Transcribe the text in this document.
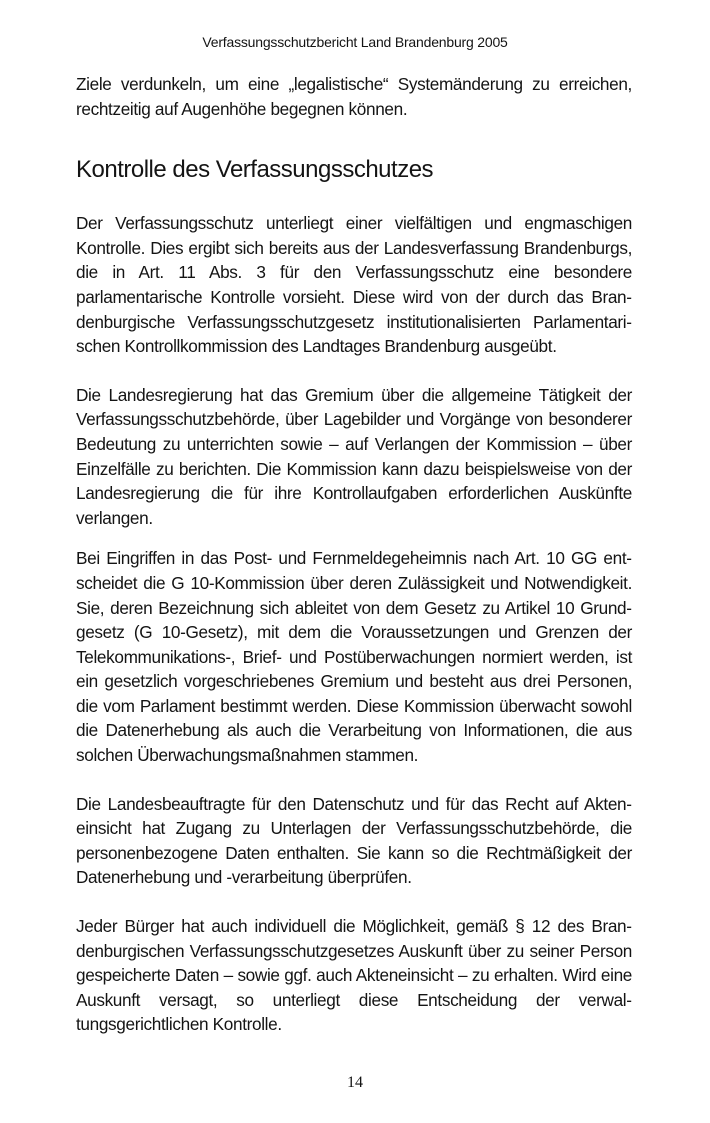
Verfassungsschutzbericht Land Brandenburg 2005

Ziele verdunkeln, um eine „legalistische“ Systemänderung zu erreichen, rechtzeitig auf Augenhöhe begegnen können.

Kontrolle des Verfassungsschutzes

Der Verfassungsschutz unterliegt einer vielfältigen und engmaschigen Kontrolle. Dies ergibt sich bereits aus der Landesverfassung Brandenburgs, die in Art. 11 Abs. 3 für den Verfassungsschutz eine besondere parlamentarische Kontrolle vorsieht. Diese wird von der durch das Brandenburgische Verfassungsschutzgesetz institutionalisierten Parlamentarischen Kontrollkommission des Landtages Brandenburg ausgeübt.

Die Landesregierung hat das Gremium über die allgemeine Tätigkeit der Verfassungsschutzbehörde, über Lagebilder und Vorgänge von besonderer Bedeutung zu unterrichten sowie – auf Verlangen der Kommission – über Einzelfälle zu berichten. Die Kommission kann dazu beispielsweise von der Landesregierung die für ihre Kontrollaufgaben erforderlichen Auskünfte verlangen.

Bei Eingriffen in das Post- und Fernmeldegeheimnis nach Art. 10 GG entscheidet die G 10-Kommission über deren Zulässigkeit und Notwendigkeit. Sie, deren Bezeichnung sich ableitet von dem Gesetz zu Artikel 10 Grundgesetz (G 10-Gesetz), mit dem die Voraussetzungen und Grenzen der Telekommunikations-, Brief- und Postüberwachungen normiert werden, ist ein gesetzlich vorgeschriebenes Gremium und besteht aus drei Personen, die vom Parlament bestimmt werden. Diese Kommission überwacht sowohl die Datenerhebung als auch die Verarbeitung von Informationen, die aus solchen Überwachungsmaßnahmen stammen.

Die Landesbeauftragte für den Datenschutz und für das Recht auf Akteneinsicht hat Zugang zu Unterlagen der Verfassungsschutzbehörde, die personenbezogene Daten enthalten. Sie kann so die Rechtmäßigkeit der Datenerhebung und -verarbeitung überprüfen.

Jeder Bürger hat auch individuell die Möglichkeit, gemäß § 12 des Brandenburgischen Verfassungsschutzgesetzes Auskunft über zu seiner Person gespeicherte Daten – sowie ggf. auch Akteneinsicht – zu erhalten. Wird eine Auskunft versagt, so unterliegt diese Entscheidung der verwaltungsgerichtlichen Kontrolle.

14
